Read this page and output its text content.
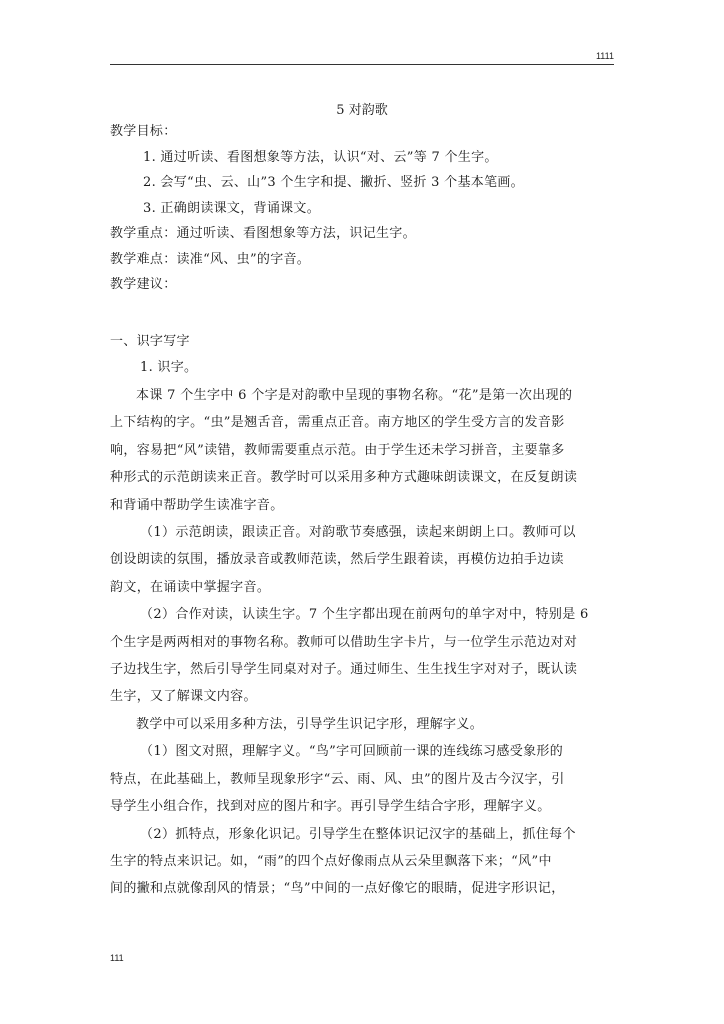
1111
5 对韵歌
教学目标：
1. 通过听读、看图想象等方法，认识“对、云”等 7 个生字。
2. 会写“虫、云、山”3 个生字和提、撇折、竖折 3 个基本笔画。
3. 正确朗读课文，背诵课文。
教学重点：通过听读、看图想象等方法，识记生字。
教学难点：读准“风、虫”的字音。
教学建议：
一、识字写字
1. 识字。
本课 7 个生字中 6 个字是对韵歌中呈现的事物名称。“花”是第一次出现的
上下结构的字。“虫”是翘舌音，需重点正音。南方地区的学生受方言的发音影
响，容易把“风”读错，教师需要重点示范。由于学生还未学习拼音，主要靠多
种形式的示范朗读来正音。教学时可以采用多种方式趣味朗读课文，在反复朗读
和背诵中帮助学生读准字音。
（1）示范朗读，跟读正音。对韵歌节奏感强，读起来朗朗上口。教师可以
创设朗读的氛围，播放录音或教师范读，然后学生跟着读，再模仿边拍手边读
韵文，在诵读中掌握字音。
（2）合作对读，认读生字。7 个生字都出现在前两句的单字对中，特别是 6
个生字是两两相对的事物名称。教师可以借助生字卡片，与一位学生示范边对对
子边找生字，然后引导学生同桌对对子。通过师生、生生找生字对对子，既认读
生字，又了解课文内容。
教学中可以采用多种方法，引导学生识记字形，理解字义。
（1）图文对照，理解字义。“鸟”字可回顾前一课的连线练习感受象形的
特点，在此基础上，教师呈现象形字“云、雨、风、虫”的图片及古今汉字，引
导学生小组合作，找到对应的图片和字。再引导学生结合字形，理解字义。
（2）抓特点，形象化识记。引导学生在整体识记汉字的基础上，抓住每个
生字的特点来识记。如，“雨”的四个点好像雨点从云朵里飘落下来；“风”中
间的撇和点就像刮风的情景；“鸟”中间的一点好像它的眼睛，促进字形识记，
111
